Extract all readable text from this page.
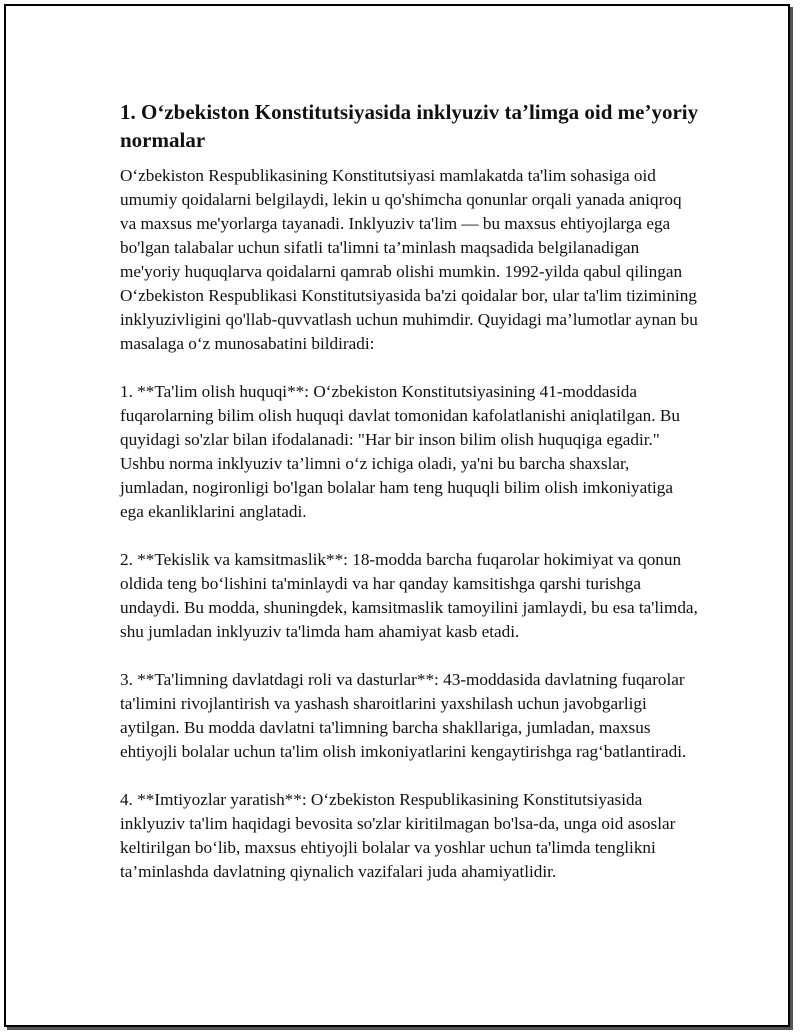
1. O‘zbekiston Konstitutsiyasida inklyuziv ta’limga oid me’yoriy normalar

O‘zbekiston Respublikasining Konstitutsiyasi mamlakatda ta'lim sohasiga oid umumiy qoidalarni belgilaydi, lekin u qo'shimcha qonunlar orqali yanada aniqroq va maxsus me'yorlarga tayanadi. Inklyuziv ta'lim — bu maxsus ehtiyojlarga ega bo'lgan talabalar uchun sifatli ta'limni ta’minlash maqsadida belgilanadigan me'yoriy huquqlarva qoidalarni qamrab olishi mumkin. 1992-yilda qabul qilingan O‘zbekiston Respublikasi Konstitutsiyasida ba'zi qoidalar bor, ular ta'lim tizimining inklyuzivligini qo'llab-quvvatlash uchun muhimdir. Quyidagi ma’lumotlar aynan bu masalaga o‘z munosabatini bildiradi:

1. **Ta'lim olish huquqi**: O‘zbekiston Konstitutsiyasining 41-moddasida fuqarolarning bilim olish huquqi davlat tomonidan kafolatlanishi aniqlatilgan. Bu quyidagi so'zlar bilan ifodalanadi: "Har bir inson bilim olish huquqiga egadir." Ushbu norma inklyuziv ta’limni o‘z ichiga oladi, ya'ni bu barcha shaxslar, jumladan, nogironligi bo'lgan bolalar ham teng huquqli bilim olish imkoniyatiga ega ekanliklarini anglatadi.

2. **Tekislik va kamsitmaslik**: 18-modda barcha fuqarolar hokimiyat va qonun oldida teng bo‘lishini ta'minlaydi va har qanday kamsitishga qarshi turishga undaydi. Bu modda, shuningdek, kamsitmaslik tamoyilini jamlaydi, bu esa ta'limda, shu jumladan inklyuziv ta'limda ham ahamiyat kasb etadi.

3. **Ta'limning davlatdagi roli va dasturlar**: 43-moddasida davlatning fuqarolar ta'limini rivojlantirish va yashash sharoitlarini yaxshilash uchun javobgarligi aytilgan. Bu modda davlatni ta'limning barcha shakllariga, jumladan, maxsus ehtiyojli bolalar uchun ta'lim olish imkoniyatlarini kengaytirishga rag‘batlantiradi.

4. **Imtiyozlar yaratish**: O‘zbekiston Respublikasining Konstitutsiyasida inklyuziv ta'lim haqidagi bevosita so'zlar kiritilmagan bo'lsa-da, unga oid asoslar keltirilgan bo‘lib, maxsus ehtiyojli bolalar va yoshlar uchun ta'limda tenglikni ta’minlashda davlatning qiynalich vazifalari juda ahamiyatlidir.
